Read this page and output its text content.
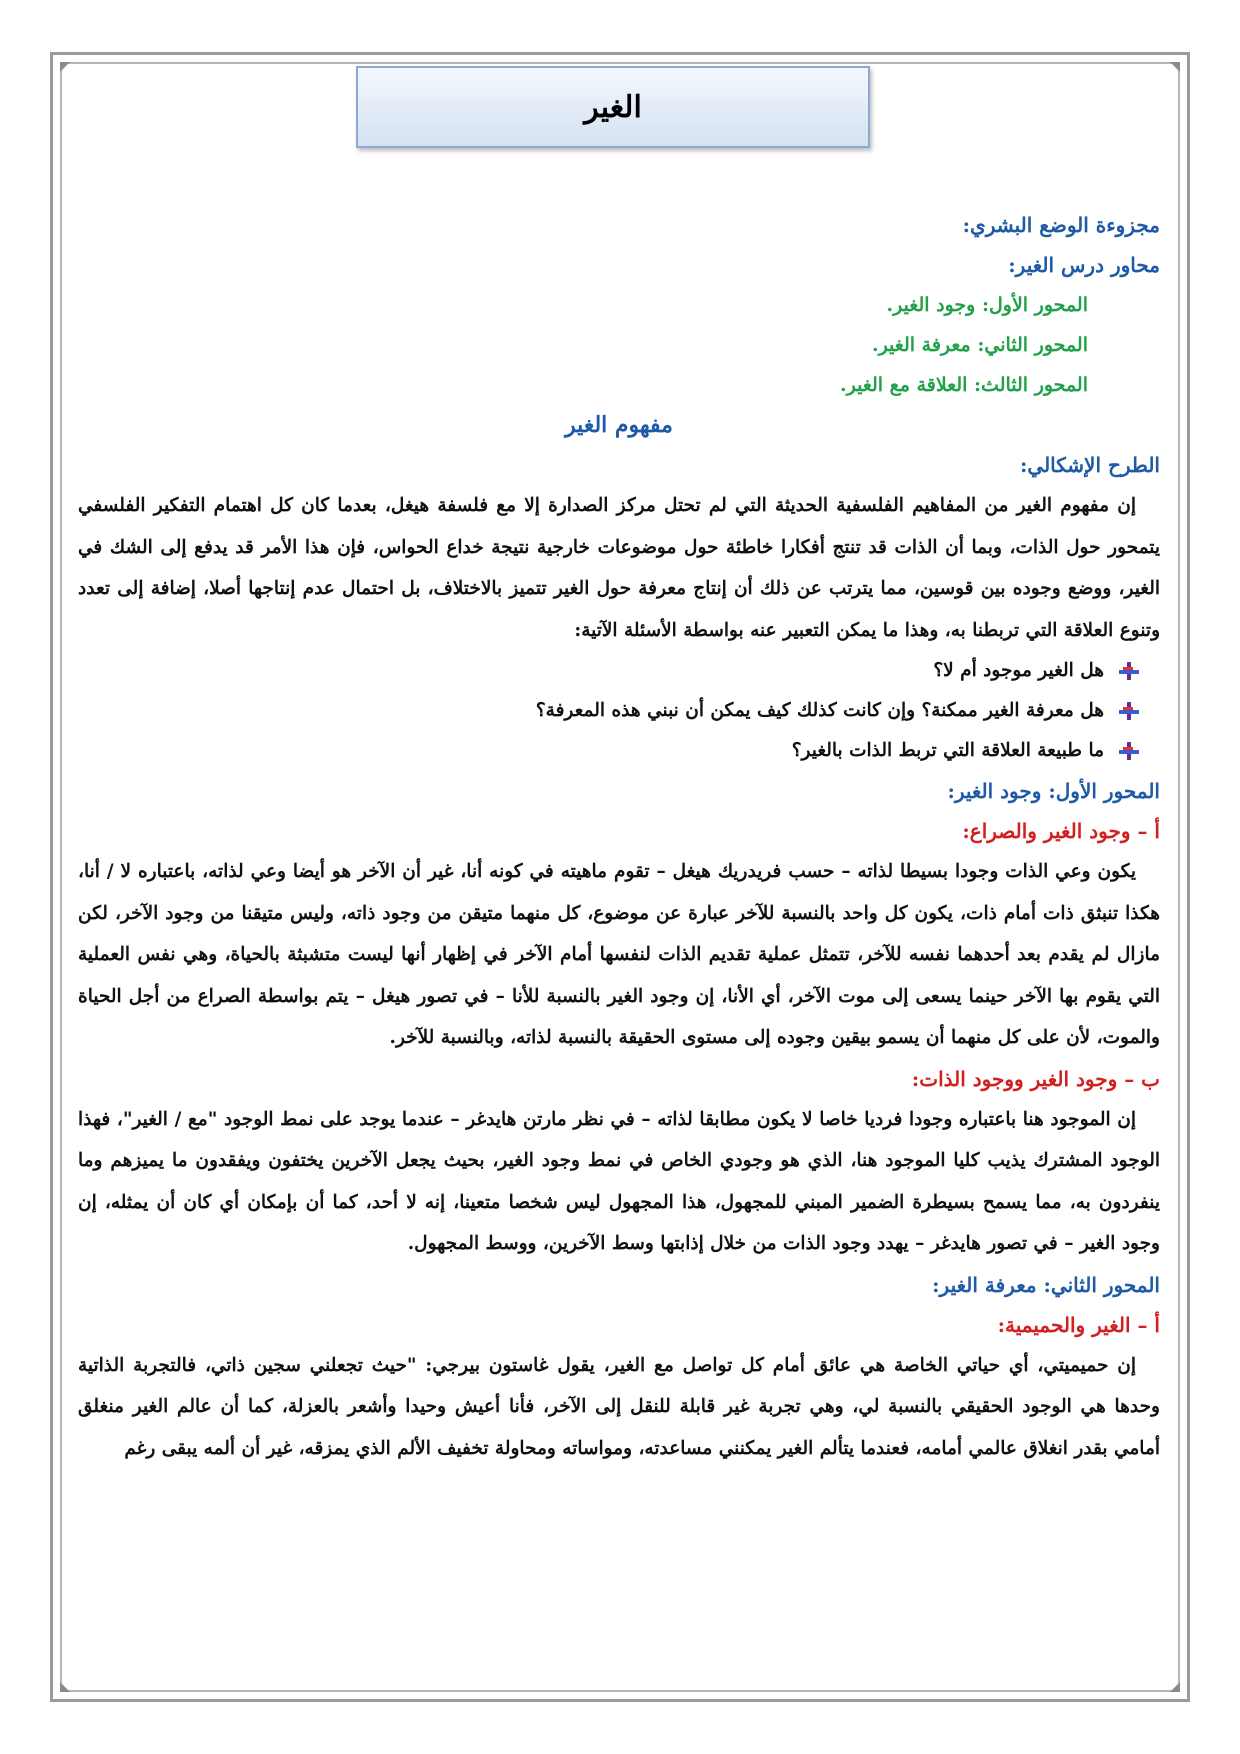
الغير

مجزوءة الوضع البشري:

محاور درس الغير:

المحور الأول: وجود الغير.

المحور الثاني: معرفة الغير.

المحور الثالث: العلاقة مع الغير.

مفهوم الغير

الطرح الإشكالي:

إن مفهوم الغير من المفاهيم الفلسفية الحديثة التي لم تحتل مركز الصدارة إلا مع فلسفة هيغل، بعدما كان كل اهتمام التفكير الفلسفي يتمحور حول الذات، وبما أن الذات قد تنتج أفكارا خاطئة حول موضوعات خارجية نتيجة خداع الحواس، فإن هذا الأمر قد يدفع إلى الشك في الغير، ووضع وجوده بين قوسين، مما يترتب عن ذلك أن إنتاج معرفة حول الغير تتميز بالاختلاف، بل احتمال عدم إنتاجها أصلا، إضافة إلى تعدد وتنوع العلاقة التي تربطنا به، وهذا ما يمكن التعبير عنه بواسطة الأسئلة الآتية:

هل الغير موجود أم لا؟
هل معرفة الغير ممكنة؟ وإن كانت كذلك كيف يمكن أن نبني هذه المعرفة؟
ما طبيعة العلاقة التي تربط الذات بالغير؟

المحور الأول: وجود الغير:

أ – وجود الغير والصراع:

يكون وعي الذات وجودا بسيطا لذاته – حسب فريدريك هيغل – تقوم ماهيته في كونه أنا، غير أن الآخر هو أيضا وعي لذاته، باعتباره لا / أنا، هكذا تنبثق ذات أمام ذات، يكون كل واحد بالنسبة للآخر عبارة عن موضوع، كل منهما متيقن من وجود ذاته، وليس متيقنا من وجود الآخر، لكن مازال لم يقدم بعد أحدهما نفسه للآخر، تتمثل عملية تقديم الذات لنفسها أمام الآخر في إظهار أنها ليست متشبثة بالحياة، وهي نفس العملية التي يقوم بها الآخر حينما يسعى إلى موت الآخر، أي الأنا، إن وجود الغير بالنسبة للأنا – في تصور هيغل – يتم بواسطة الصراع من أجل الحياة والموت، لأن على كل منهما أن يسمو بيقين وجوده إلى مستوى الحقيقة بالنسبة لذاته، وبالنسبة للآخر.

ب – وجود الغير ووجود الذات:

إن الموجود هنا باعتباره وجودا فرديا خاصا لا يكون مطابقا لذاته – في نظر مارتن هايدغر – عندما يوجد على نمط الوجود "مع / الغير"، فهذا الوجود المشترك يذيب كليا الموجود هنا، الذي هو وجودي الخاص في نمط وجود الغير، بحيث يجعل الآخرين يختفون ويفقدون ما يميزهم وما ينفردون به، مما يسمح بسيطرة الضمير المبني للمجهول، هذا المجهول ليس شخصا متعينا، إنه لا أحد، كما أن بإمكان أي كان أن يمثله، إن وجود الغير – في تصور هايدغر – يهدد وجود الذات من خلال إذابتها وسط الآخرين، ووسط المجهول.

المحور الثاني: معرفة الغير:

أ – الغير والحميمية:

إن حميميتي، أي حياتي الخاصة هي عائق أمام كل تواصل مع الغير، يقول غاستون بيرجي: "حيث تجعلني سجين ذاتي، فالتجربة الذاتية وحدها هي الوجود الحقيقي بالنسبة لي، وهي تجربة غير قابلة للنقل إلى الآخر، فأنا أعيش وحيدا وأشعر بالعزلة، كما أن عالم الغير منغلق أمامي بقدر انغلاق عالمي أمامه، فعندما يتألم الغير يمكنني مساعدته، ومواساته ومحاولة تخفيف الألم الذي يمزقه، غير أن ألمه يبقى رغم
